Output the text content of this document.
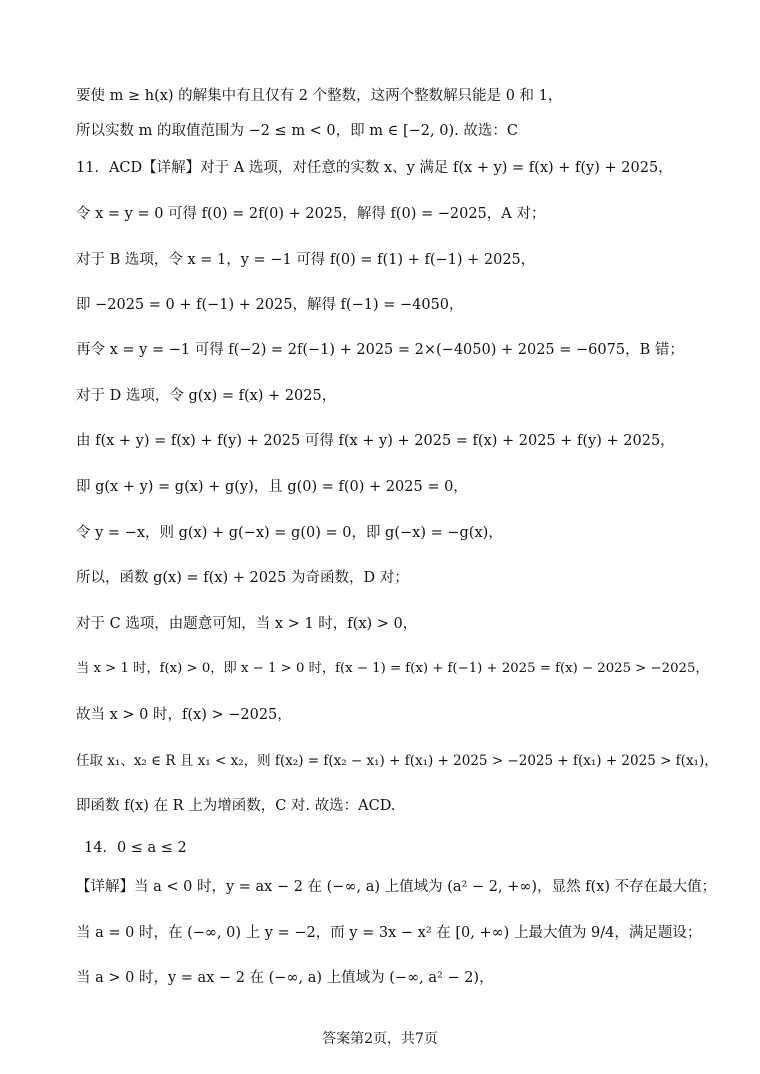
要使 m ≥ h(x) 的解集中有且仅有 2 个整数，这两个整数解只能是 0 和 1，
所以实数 m 的取值范围为 −2 ≤ m < 0，即 m ∈ [−2, 0). 故选：C
11．ACD【详解】对于 A 选项，对任意的实数 x、y 满足 f(x + y) = f(x) + f(y) + 2025，
令 x = y = 0 可得 f(0) = 2f(0) + 2025，解得 f(0) = −2025，A 对；
对于 B 选项，令 x = 1，y = −1 可得 f(0) = f(1) + f(−1) + 2025，
即 −2025 = 0 + f(−1) + 2025，解得 f(−1) = −4050，
再令 x = y = −1 可得 f(−2) = 2f(−1) + 2025 = 2×(−4050) + 2025 = −6075，B 错；
对于 D 选项，令 g(x) = f(x) + 2025，
由 f(x + y) = f(x) + f(y) + 2025 可得 f(x + y) + 2025 = f(x) + 2025 + f(y) + 2025，
即 g(x + y) = g(x) + g(y)，且 g(0) = f(0) + 2025 = 0，
令 y = −x，则 g(x) + g(−x) = g(0) = 0，即 g(−x) = −g(x)，
所以，函数 g(x) = f(x) + 2025 为奇函数，D 对；
对于 C 选项，由题意可知，当 x > 1 时，f(x) > 0，
当 x > 1 时，f(x) > 0，即 x − 1 > 0 时，f(x − 1) = f(x) + f(−1) + 2025 = f(x) − 2025 > −2025，
故当 x > 0 时，f(x) > −2025，
任取 x₁、x₂ ∈ R 且 x₁ < x₂，则 f(x₂) = f(x₂ − x₁) + f(x₁) + 2025 > −2025 + f(x₁) + 2025 > f(x₁)，
即函数 f(x) 在 R 上为增函数，C 对. 故选：ACD.
14．0 ≤ a ≤ 2
【详解】当 a < 0 时，y = ax − 2 在 (−∞, a) 上值域为 (a² − 2, +∞)，显然 f(x) 不存在最大值；
当 a = 0 时，在 (−∞, 0) 上 y = −2，而 y = 3x − x² 在 [0, +∞) 上最大值为 9/4，满足题设；
当 a > 0 时，y = ax − 2 在 (−∞, a) 上值域为 (−∞, a² − 2)，
答案第2页，共7页
